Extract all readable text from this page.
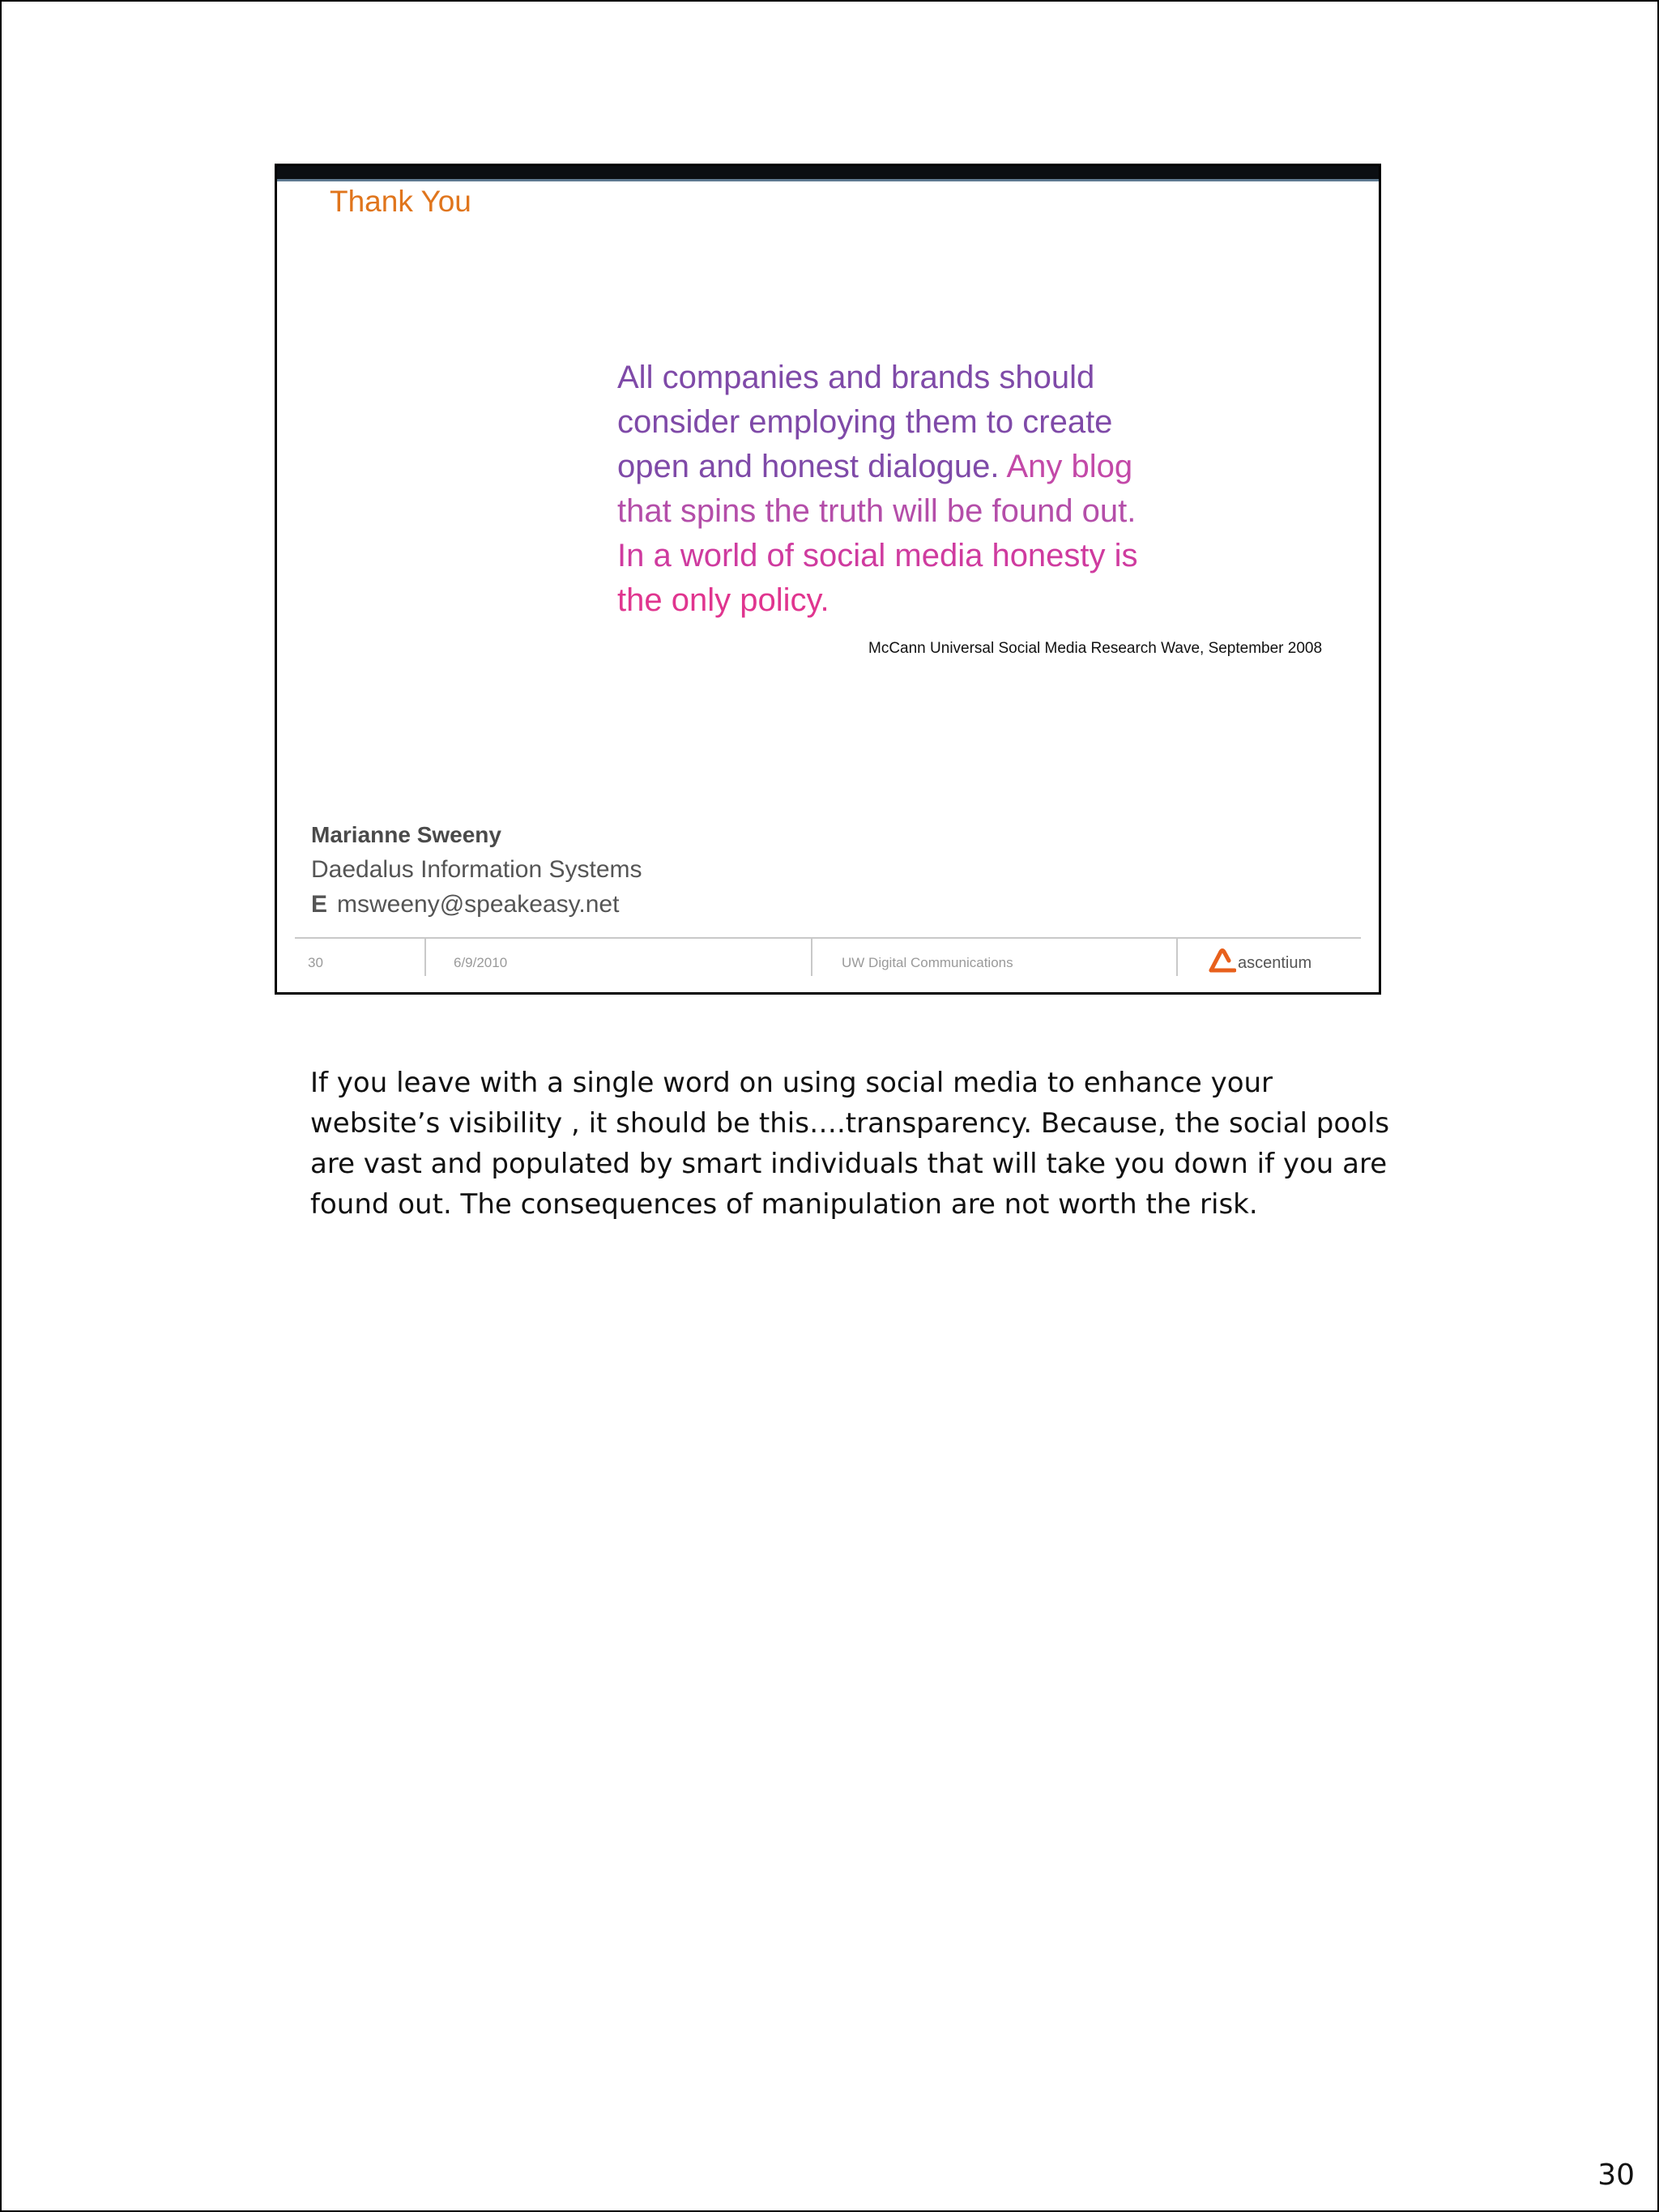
Thank You
All companies and brands should
consider employing them to create
open and honest dialogue. Any blog
that spins the truth will be found out.
In a world of social media honesty is
the only policy.
McCann Universal Social Media Research Wave, September 2008
Marianne Sweeny
Daedalus Information Systems
E msweeny@speakeasy.net
30	6/9/2010	UW Digital Communications	ascentium
If you leave with a single word on using social media to enhance your
website’s visibility , it should be this….transparency. Because, the social pools
are vast and populated by smart individuals that will take you down if you are
found out. The consequences of manipulation are not worth the risk.
30
